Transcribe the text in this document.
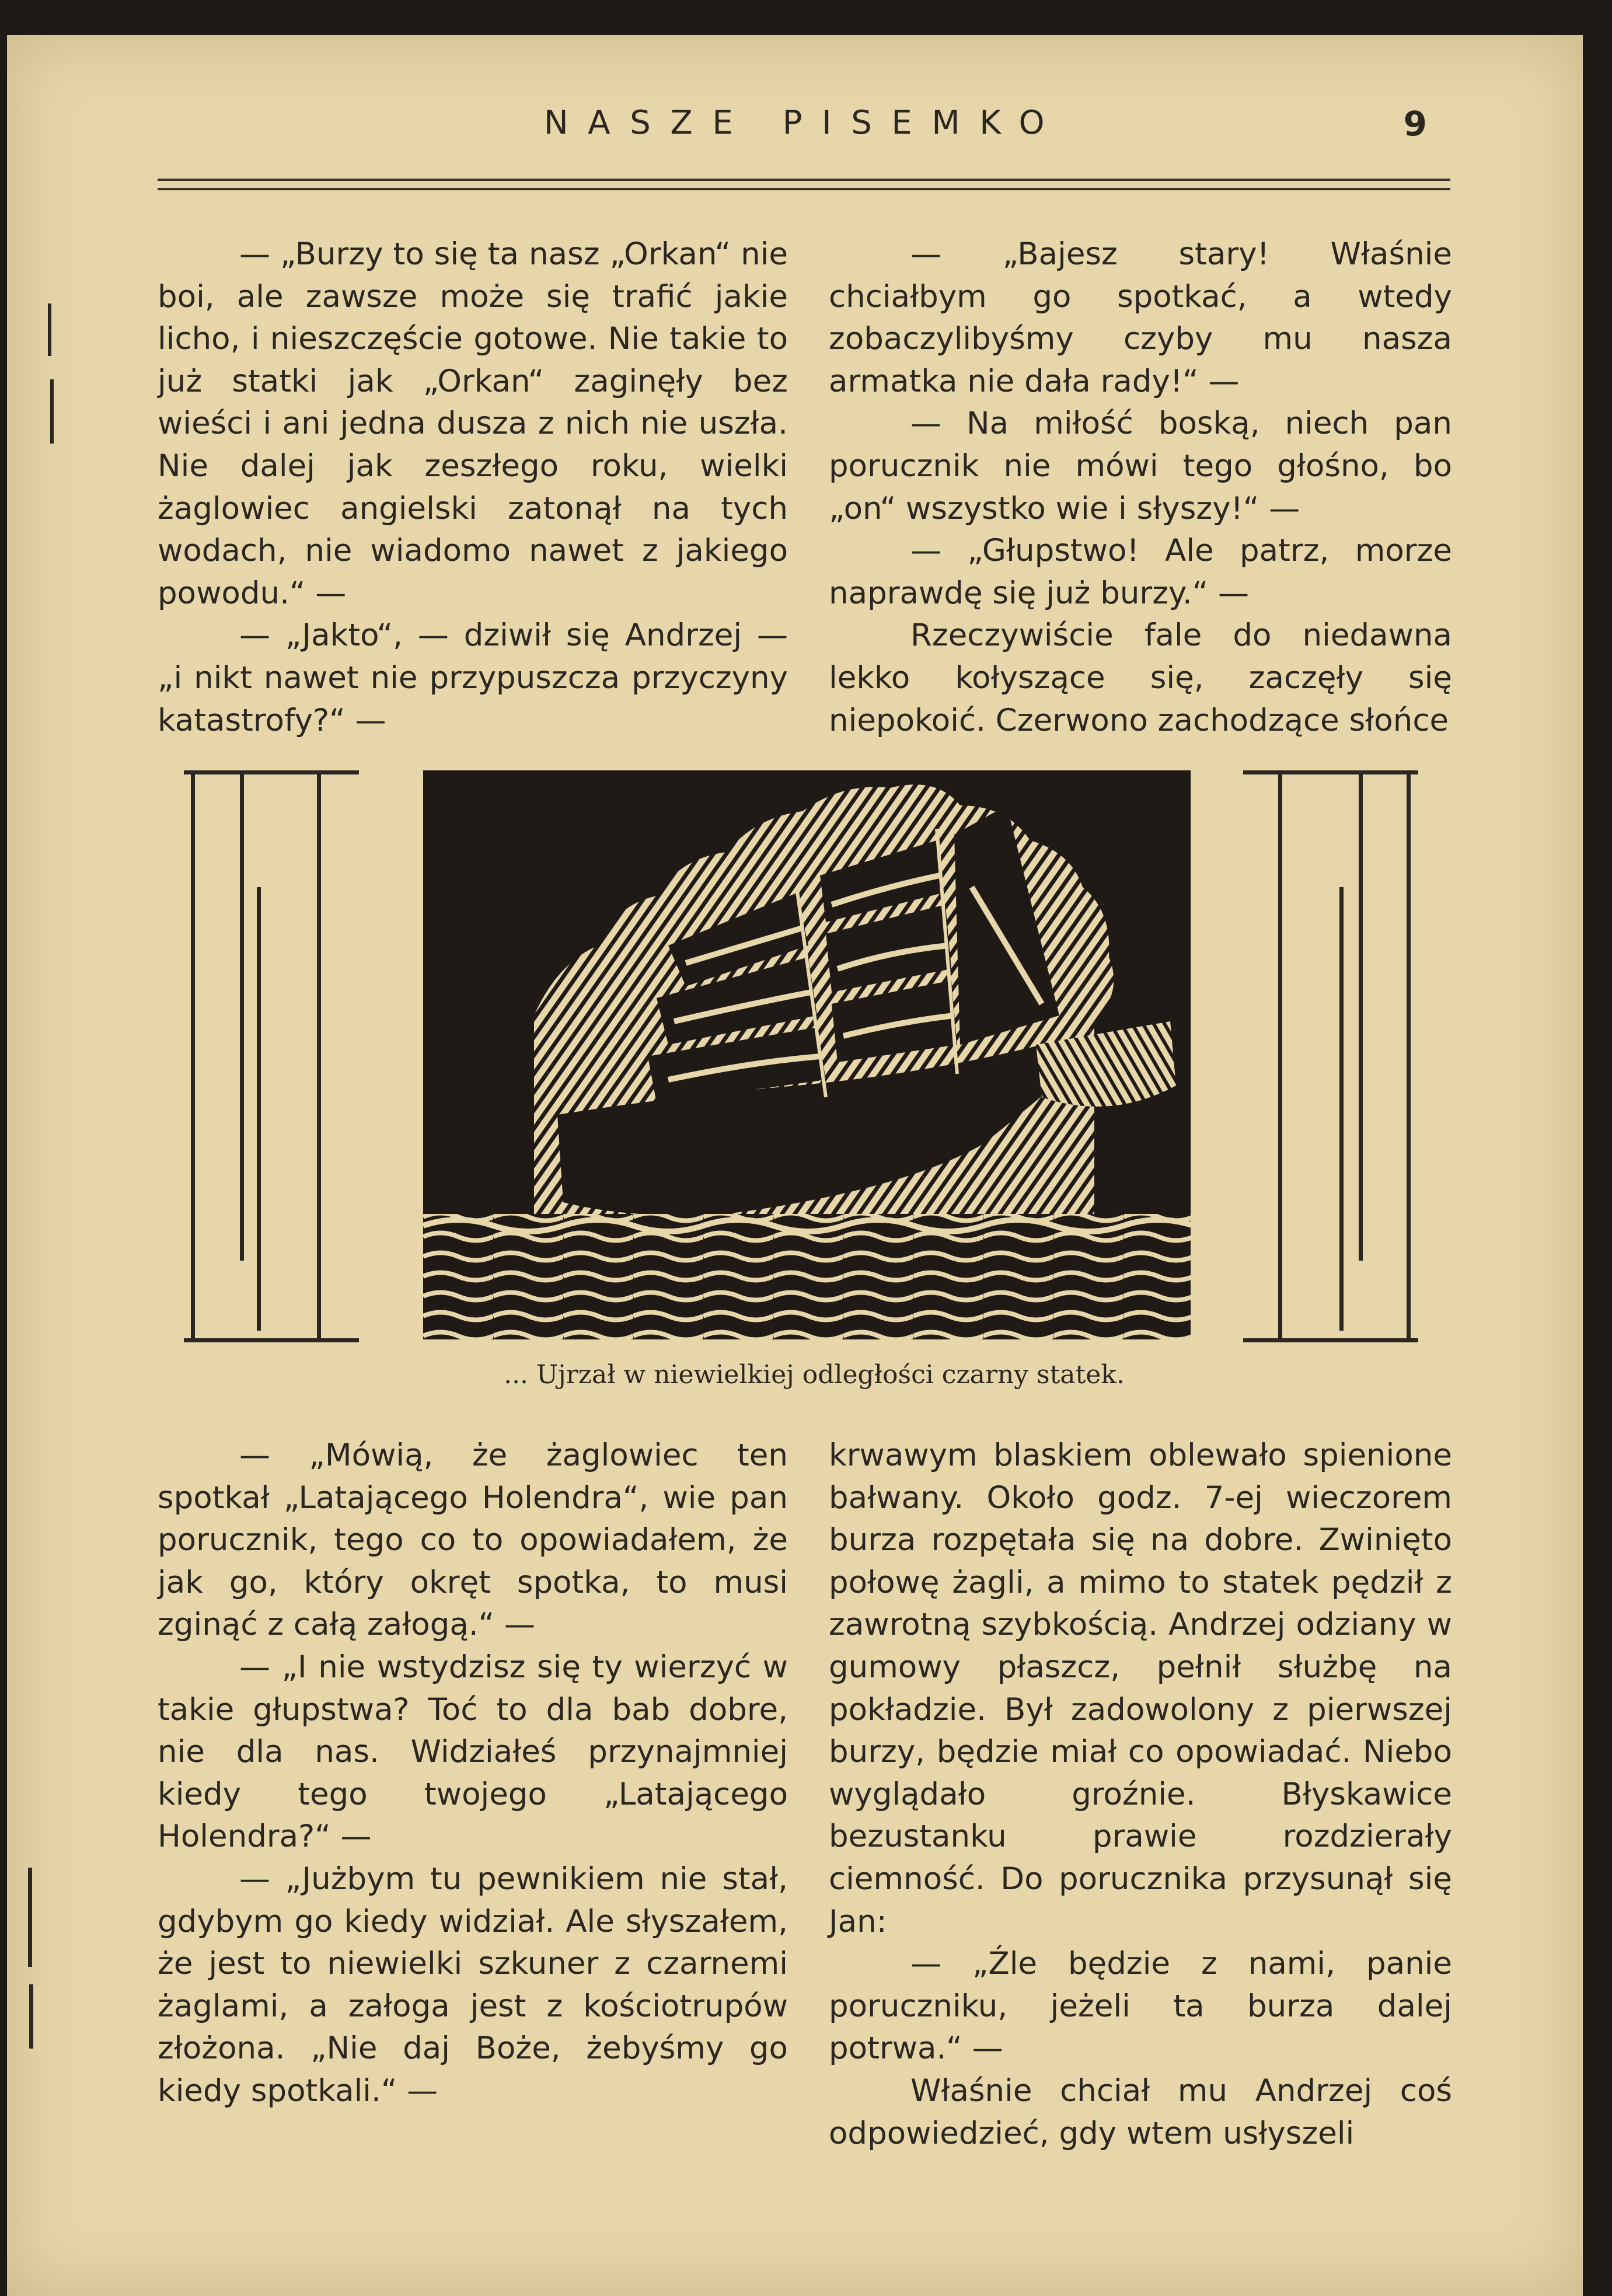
NASZE PISEMKO	9

— „Burzy to się ta nasz „Orkan“ nie boi, ale zawsze może się trafić jakie licho, i nieszczęście gotowe. Nie takie to już statki jak „Orkan“ zaginęły bez wieści i ani jedna dusza z nich nie uszła. Nie dalej jak zeszłego roku, wielki żaglowiec angielski zatonął na tych wodach, nie wiadomo nawet z jakiego powodu.“ —

— „Jakto“, — dziwił się Andrzej — „i nikt nawet nie przypuszcza przyczyny katastrofy?“ —

— „Bajesz stary! Właśnie chciałbym go spotkać, a wtedy zobaczylibyśmy czyby mu nasza armatka nie dała rady!“ —

— Na miłość boską, niech pan porucznik nie mówi tego głośno, bo „on“ wszystko wie i słyszy!“ —

— „Głupstwo! Ale patrz, morze naprawdę się już burzy.“ —

Rzeczywiście fale do niedawna lekko kołyszące się, zaczęły się niepokoić. Czerwono zachodzące słońce

... Ujrzał w niewielkiej odległości czarny statek.

— „Mówią, że żaglowiec ten spotkał „Latającego Holendra“, wie pan porucznik, tego co to opowiadałem, że jak go, który okręt spotka, to musi zginąć z całą załogą.“ —

— „I nie wstydzisz się ty wierzyć w takie głupstwa? Toć to dla bab dobre, nie dla nas. Widziałeś przynajmniej kiedy tego twojego „Latającego Holendra?“ —

— „Jużbym tu pewnikiem nie stał, gdybym go kiedy widział. Ale słyszałem, że jest to niewielki szkuner z czarnemi żaglami, a załoga jest z kościotrupów złożona. „Nie daj Boże, żebyśmy go kiedy spotkali.“ —

krwawym blaskiem oblewało spienione bałwany. Około godz. 7-ej wieczorem burza rozpętała się na dobre. Zwinięto połowę żagli, a mimo to statek pędził z zawrotną szybkością. Andrzej odziany w gumowy płaszcz, pełnił służbę na pokładzie. Był zadowolony z pierwszej burzy, będzie miał co opowiadać. Niebo wyglądało groźnie. Błyskawice bezustanku prawie rozdzierały ciemność. Do porucznika przysunął się Jan:

— „Źle będzie z nami, panie poruczniku, jeżeli ta burza dalej potrwa.“ —

Właśnie chciał mu Andrzej coś odpowiedzieć, gdy wtem usłyszeli
